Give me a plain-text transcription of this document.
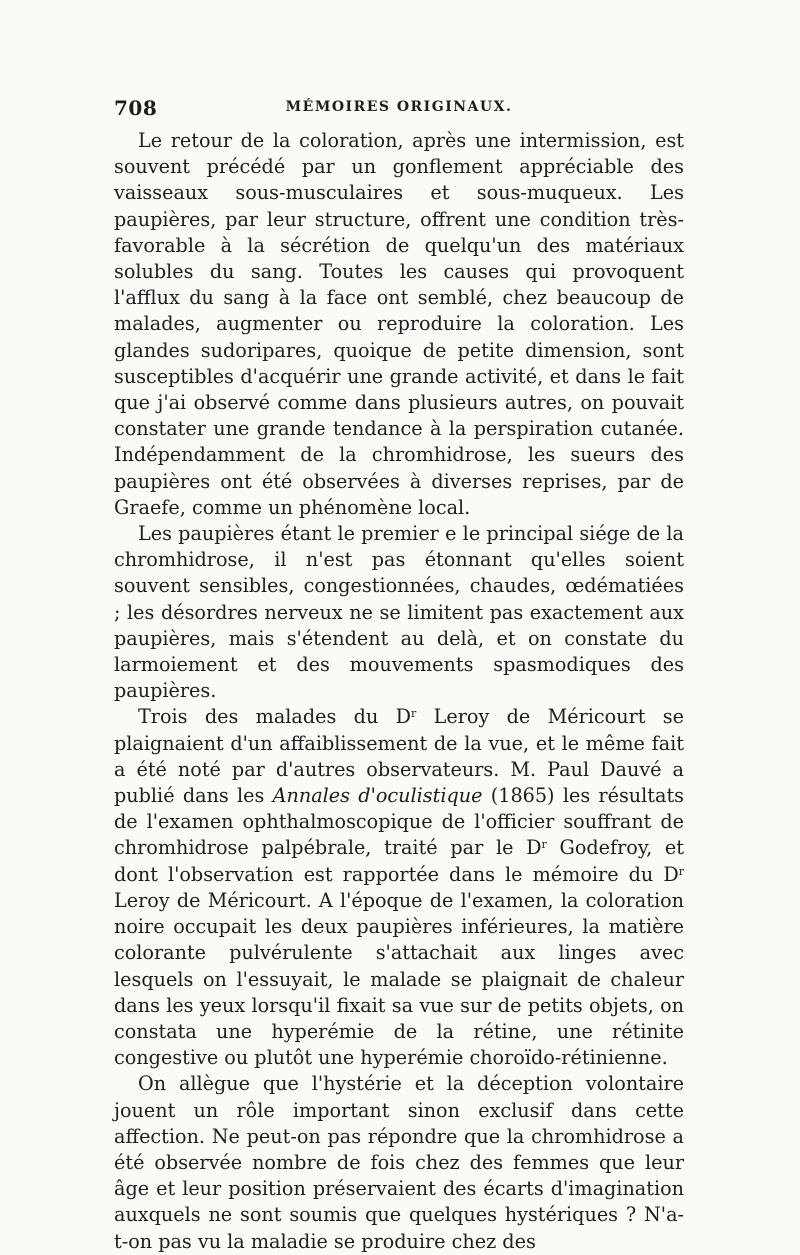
708	MÉMOIRES ORIGINAUX.

Le retour de la coloration, après une intermission, est souvent précédé par un gonflement appréciable des vaisseaux sous-musculaires et sous-muqueux. Les paupières, par leur structure, offrent une condition très-favorable à la sécrétion de quelqu'un des matériaux solubles du sang. Toutes les causes qui provoquent l'afflux du sang à la face ont semblé, chez beaucoup de malades, augmenter ou reproduire la coloration. Les glandes sudoripares, quoique de petite dimension, sont susceptibles d'acquérir une grande activité, et dans le fait que j'ai observé comme dans plusieurs autres, on pouvait constater une grande tendance à la perspiration cutanée. Indépendamment de la chromhidrose, les sueurs des paupières ont été observées à diverses reprises, par de Graefe, comme un phénomène local.

Les paupières étant le premier e le principal siége de la chromhidrose, il n'est pas étonnant qu'elles soient souvent sensibles, congestionnées, chaudes, œdématiées ; les désordres nerveux ne se limitent pas exactement aux paupières, mais s'étendent au delà, et on constate du larmoiement et des mouvements spasmodiques des paupières.

Trois des malades du $D^r$ Leroy de Méricourt se plaignaient d'un affaiblissement de la vue, et le même fait a été noté par d'autres observateurs. M. Paul Dauvé a publié dans les Annales d'oculistique (1865) les résultats de l'examen ophthalmoscopique de l'officier souffrant de chromhidrose palpébrale, traité par le $D^r$ Godefroy, et dont l'observation est rapportée dans le mémoire du $D^r$ Leroy de Méricourt. A l'époque de l'examen, la coloration noire occupait les deux paupières inférieures, la matière colorante pulvérulente s'attachait aux linges avec lesquels on l'essuyait, le malade se plaignait de chaleur dans les yeux lorsqu'il fixait sa vue sur de petits objets, on constata une hyperémie de la rétine, une rétinite congestive ou plutôt une hyperémie choroïdo-rétinienne.

On allègue que l'hystérie et la déception volontaire jouent un rôle important sinon exclusif dans cette affection. Ne peut-on pas répondre que la chromhidrose a été observée nombre de fois chez des femmes que leur âge et leur position préservaient des écarts d'imagination auxquels ne sont soumis que quelques hystériques ? N'a-t-on pas vu la maladie se produire chez des
